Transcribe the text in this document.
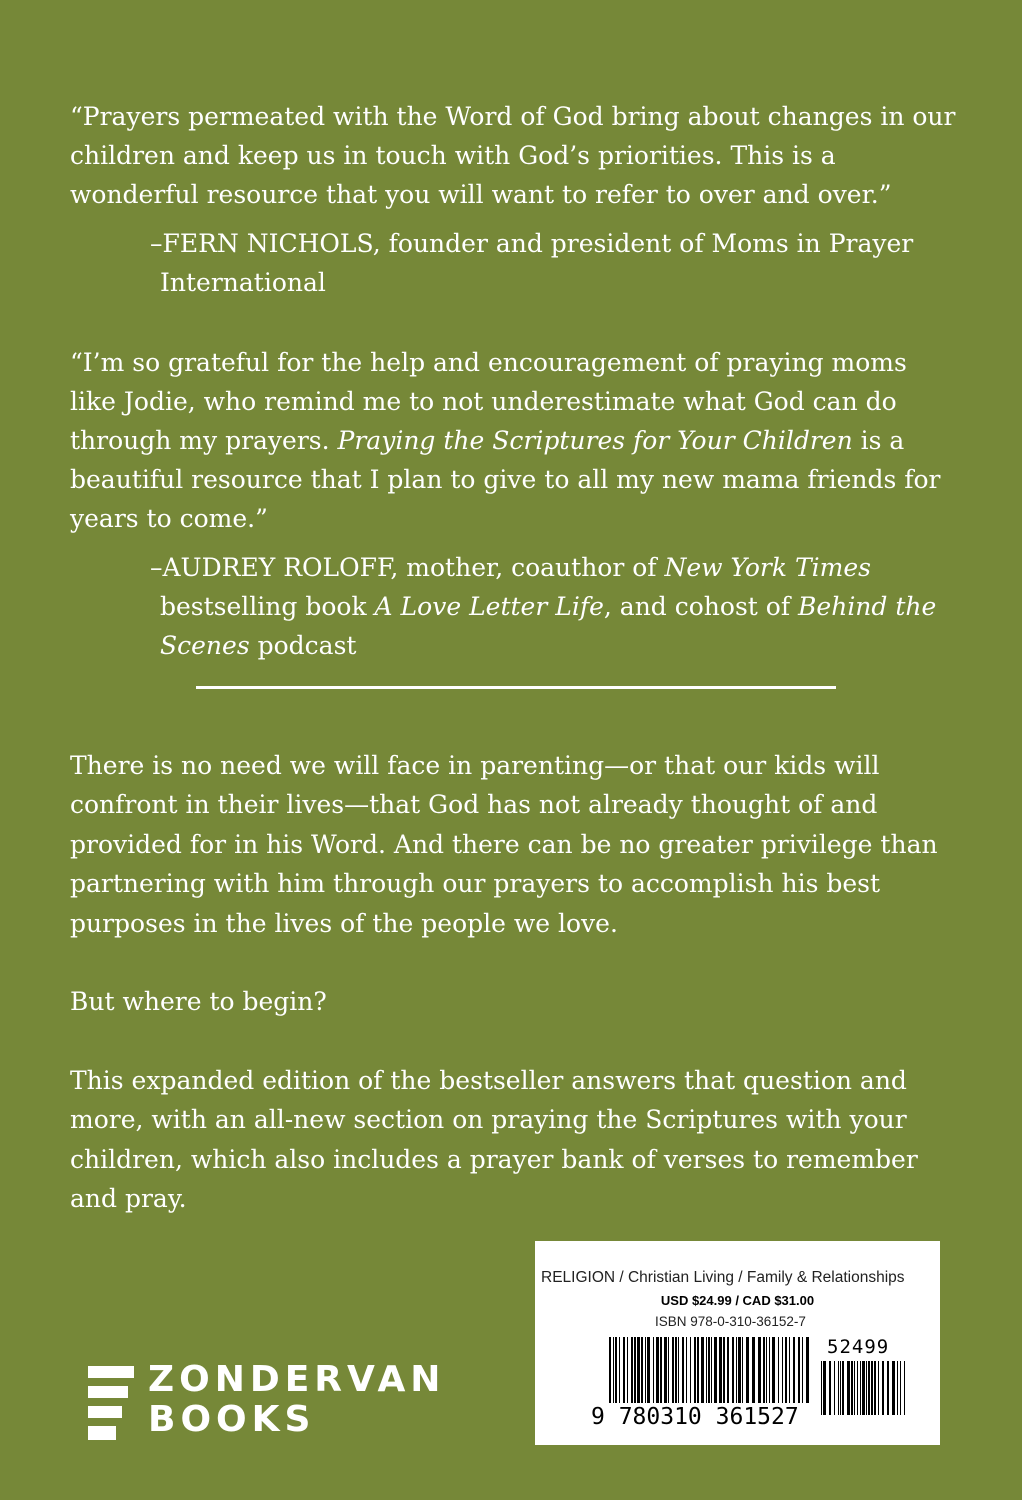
“Prayers permeated with the Word of God bring about changes in our children and keep us in touch with God’s priorities. This is a wonderful resource that you will want to refer to over and over.”

–FERN NICHOLS, founder and president of Moms in Prayer International

“I’m so grateful for the help and encouragement of praying moms like Jodie, who remind me to not underestimate what God can do through my prayers. Praying the Scriptures for Your Children is a beautiful resource that I plan to give to all my new mama friends for years to come.”

–AUDREY ROLOFF, mother, coauthor of New York Times bestselling book A Love Letter Life, and cohost of Behind the Scenes podcast

There is no need we will face in parenting—or that our kids will confront in their lives—that God has not already thought of and provided for in his Word. And there can be no greater privilege than partnering with him through our prayers to accomplish his best purposes in the lives of the people we love.

But where to begin?

This expanded edition of the bestseller answers that question and more, with an all-new section on praying the Scriptures with your children, which also includes a prayer bank of verses to remember and pray.

ZONDERVAN
BOOKS
RELIGION / Christian Living / Family & Relationships
USD $24.99 / CAD $31.00
ISBN 978-0-310-36152-7
52499
9 780310 361527
